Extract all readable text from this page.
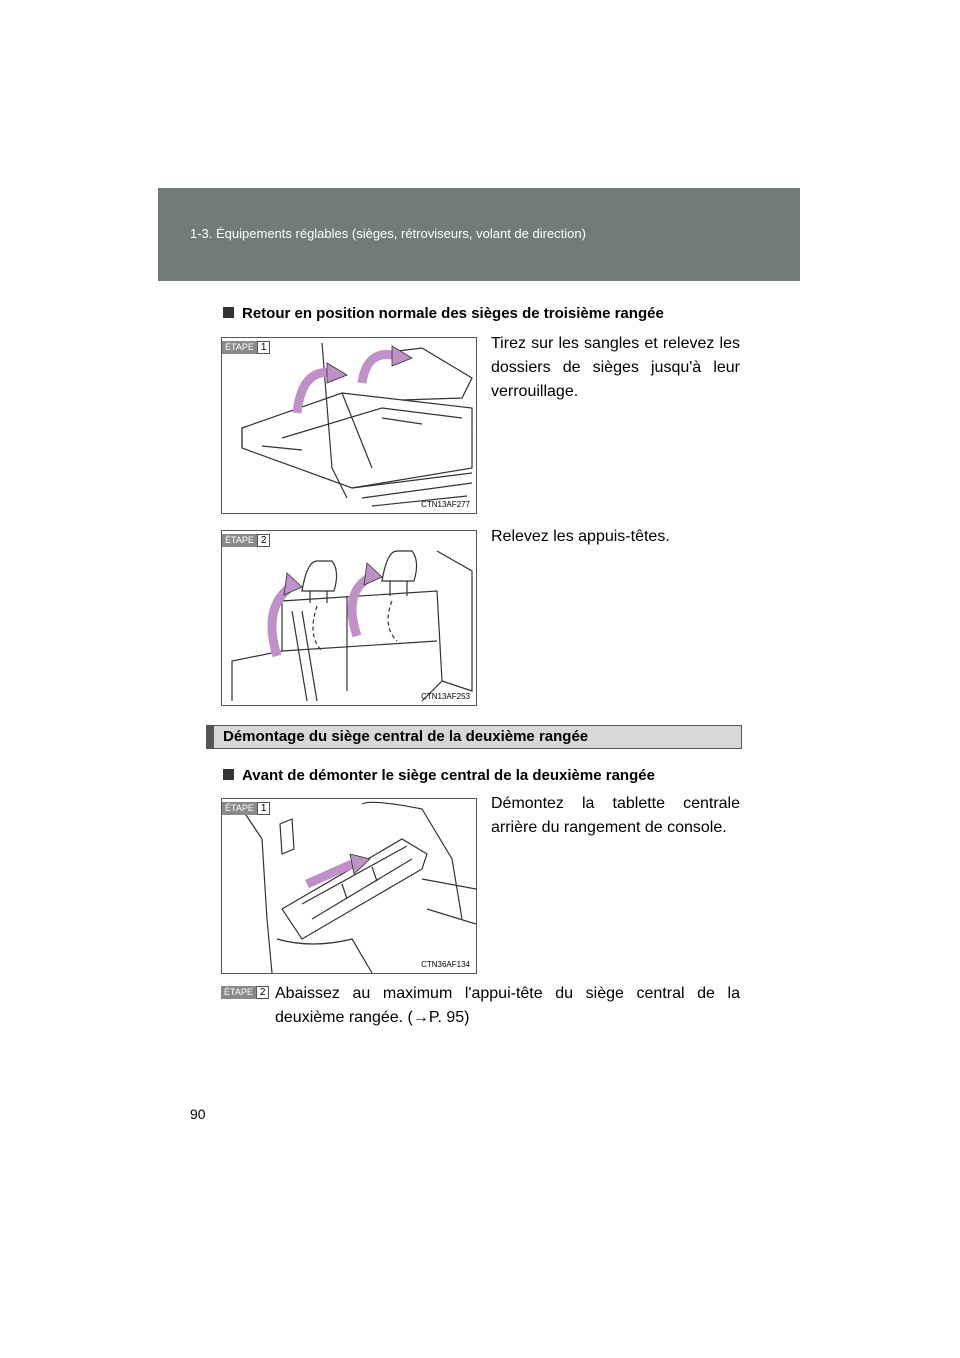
1-3. Équipements réglables (sièges, rétroviseurs, volant de direction)
Retour en position normale des sièges de troisième rangée
ÉTAPE 1
CTN13AF277
Tirez sur les sangles et relevez les dossiers de sièges jusqu'à leur verrouillage.
ÉTAPE 2
CTN13AF253
Relevez les appuis-têtes.
Démontage du siège central de la deuxième rangée
Avant de démonter le siège central de la deuxième rangée
ÉTAPE 1
CTN36AF134
Démontez la tablette centrale arrière du rangement de console.
ÉTAPE 2 Abaissez au maximum l'appui-tête du siège central de la deuxième rangée. (→P. 95)
90
